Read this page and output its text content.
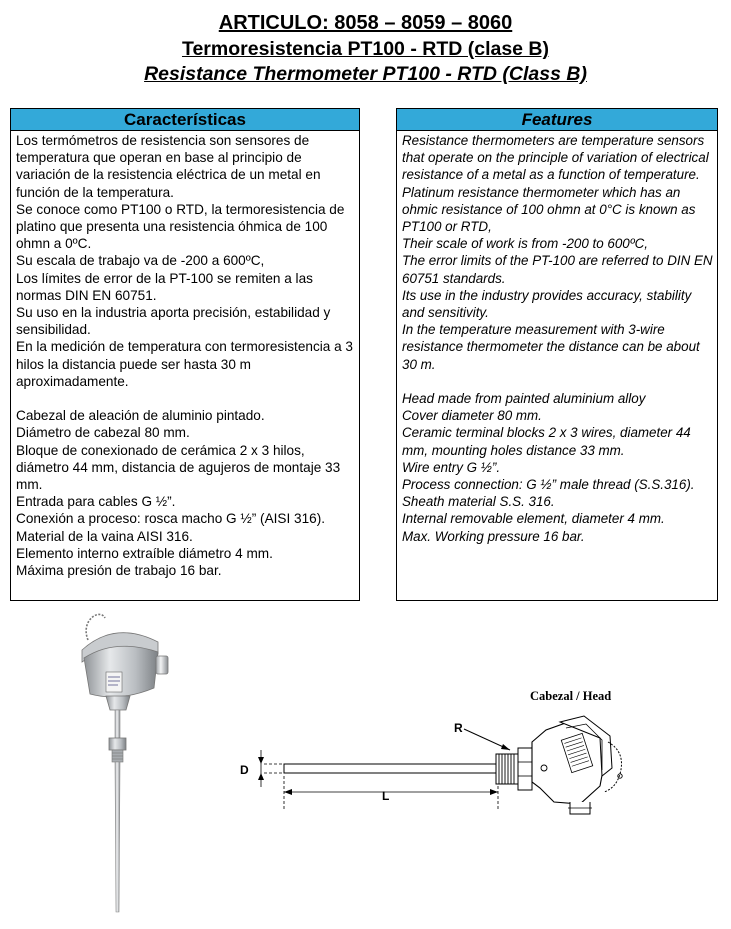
ARTICULO: 8058 – 8059 – 8060
Termoresistencia PT100 - RTD (clase B)
Resistance Thermometer PT100 - RTD (Class B)
Características

Los termómetros de resistencia son sensores de temperatura que operan en base al principio de variación de la resistencia eléctrica de un metal en función de la temperatura.

Se conoce como PT100 o RTD, la termoresistencia de platino que presenta una resistencia óhmica de 100 ohmn a 0ºC.

Su escala de trabajo va de -200 a 600ºC,

Los límites de error de la PT-100 se remiten a las normas DIN EN 60751.

Su uso en la industria aporta precisión, estabilidad y sensibilidad.

En la medición de temperatura con termoresistencia a 3 hilos la distancia puede ser hasta 30 m aproximadamente.

Cabezal de aleación de aluminio pintado.

Diámetro de cabezal 80 mm.

Bloque de conexionado de cerámica 2 x 3 hilos, diámetro 44 mm, distancia de agujeros de montaje 33 mm.

Entrada para cables G ½”.

Conexión a proceso: rosca macho G ½” (AISI 316).

Material de la vaina AISI 316.

Elemento interno extraíble diámetro 4 mm.

Máxima presión de trabajo 16 bar.

Features

Resistance thermometers are temperature sensors that operate on the principle of variation of electrical resistance of a metal as a function of temperature.

Platinum resistance thermometer which has an ohmic resistance of 100 ohmn at 0°C is known as PT100 or RTD,

Their scale of work is from -200 to 600ºC,

The error limits of the PT-100 are referred to DIN EN 60751 standards.

Its use in the industry provides accuracy, stability and sensitivity.

In the temperature measurement with 3-wire resistance thermometer the distance can be about 30 m.

Head made from painted aluminium alloy

Cover diameter 80 mm.

Ceramic terminal blocks 2 x 3 wires, diameter 44 mm, mounting holes distance 33 mm.

Wire entry G ½”.

Process connection: G ½” male thread (S.S.316).

Sheath material S.S. 316.

Internal removable element, diameter 4 mm.

Max. Working pressure 16 bar.

Cabezal / Head
R
D
L
